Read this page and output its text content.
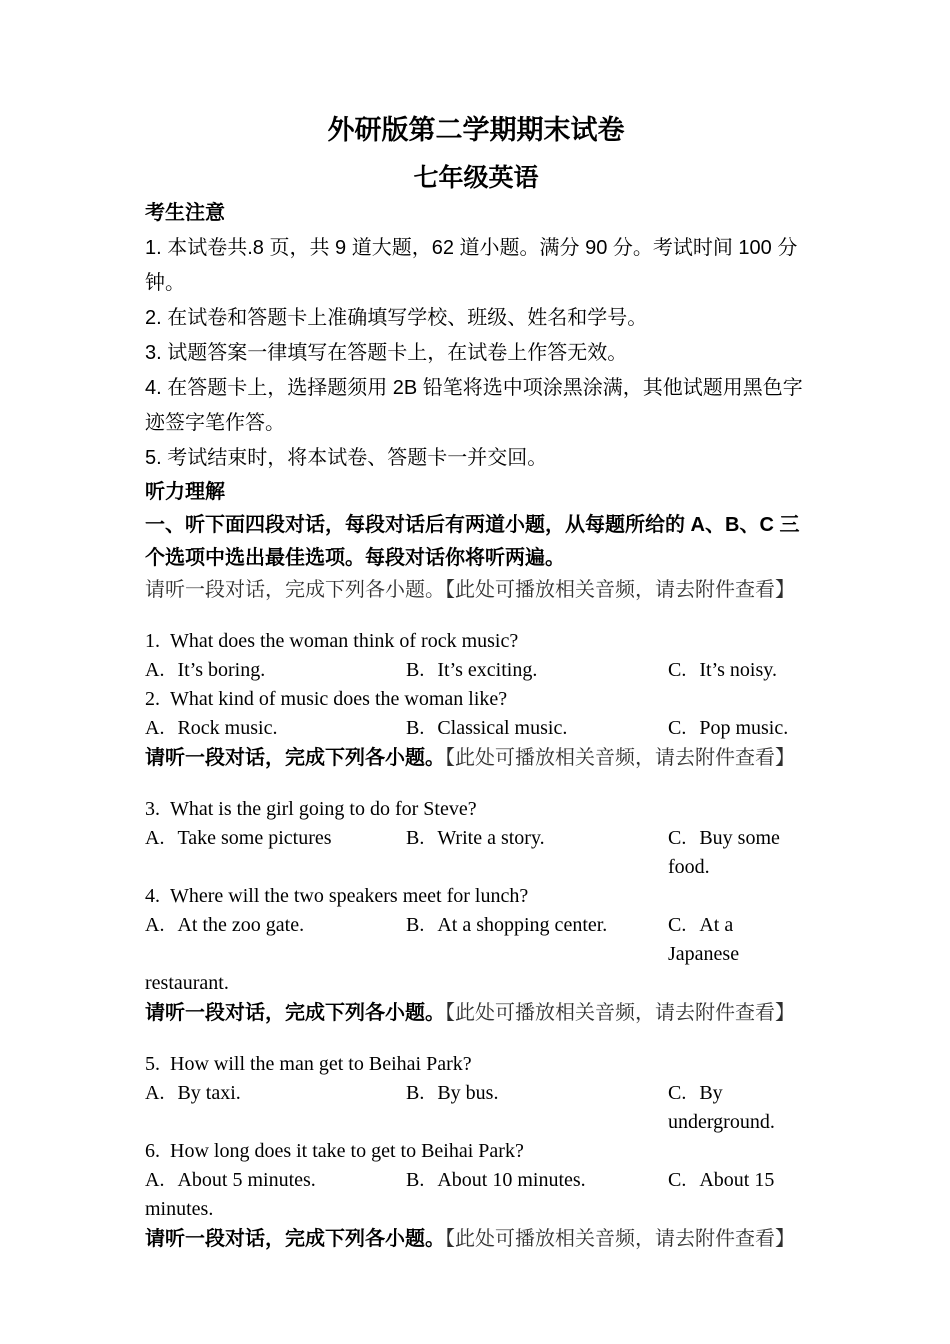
外研版第二学期期末试卷
七年级英语
考生注意

1. 本试卷共.8 页，共 9 道大题，62 道小题。满分 90 分。考试时间 100 分钟。

2. 在试卷和答题卡上准确填写学校、班级、姓名和学号。

3. 试题答案一律填写在答题卡上，在试卷上作答无效。

4. 在答题卡上，选择题须用 2B 铅笔将选中项涂黑涂满，其他试题用黑色字迹签字笔作答。

5. 考试结束时，将本试卷、答题卡一并交回。

听力理解

一、听下面四段对话，每段对话后有两道小题，从每题所给的 A、B、C 三个选项中选出最佳选项。每段对话你将听两遍。

请听一段对话，完成下列各小题。【此处可播放相关音频，请去附件查看】

1. What does the woman think of rock music?
A. It’s boring.	B. It’s exciting.	C. It’s noisy.
2. What kind of music does the woman like?
A. Rock music.	B. Classical music.	C. Pop music.

请听一段对话，完成下列各小题。【此处可播放相关音频，请去附件查看】

3. What is the girl going to do for Steve?
A. Take some pictures	B. Write a story.	C. Buy some food.
4. Where will the two speakers meet for lunch?
A. At the zoo gate.	B. At a shopping center.	C. At a Japanese
restaurant.

请听一段对话，完成下列各小题。【此处可播放相关音频，请去附件查看】

5. How will the man get to Beihai Park?
A. By taxi.	B. By bus.	C. By underground.
6. How long does it take to get to Beihai Park?
A. About 5 minutes.	B. About 10 minutes.	C. About 15
minutes.

请听一段对话，完成下列各小题。【此处可播放相关音频，请去附件查看】
